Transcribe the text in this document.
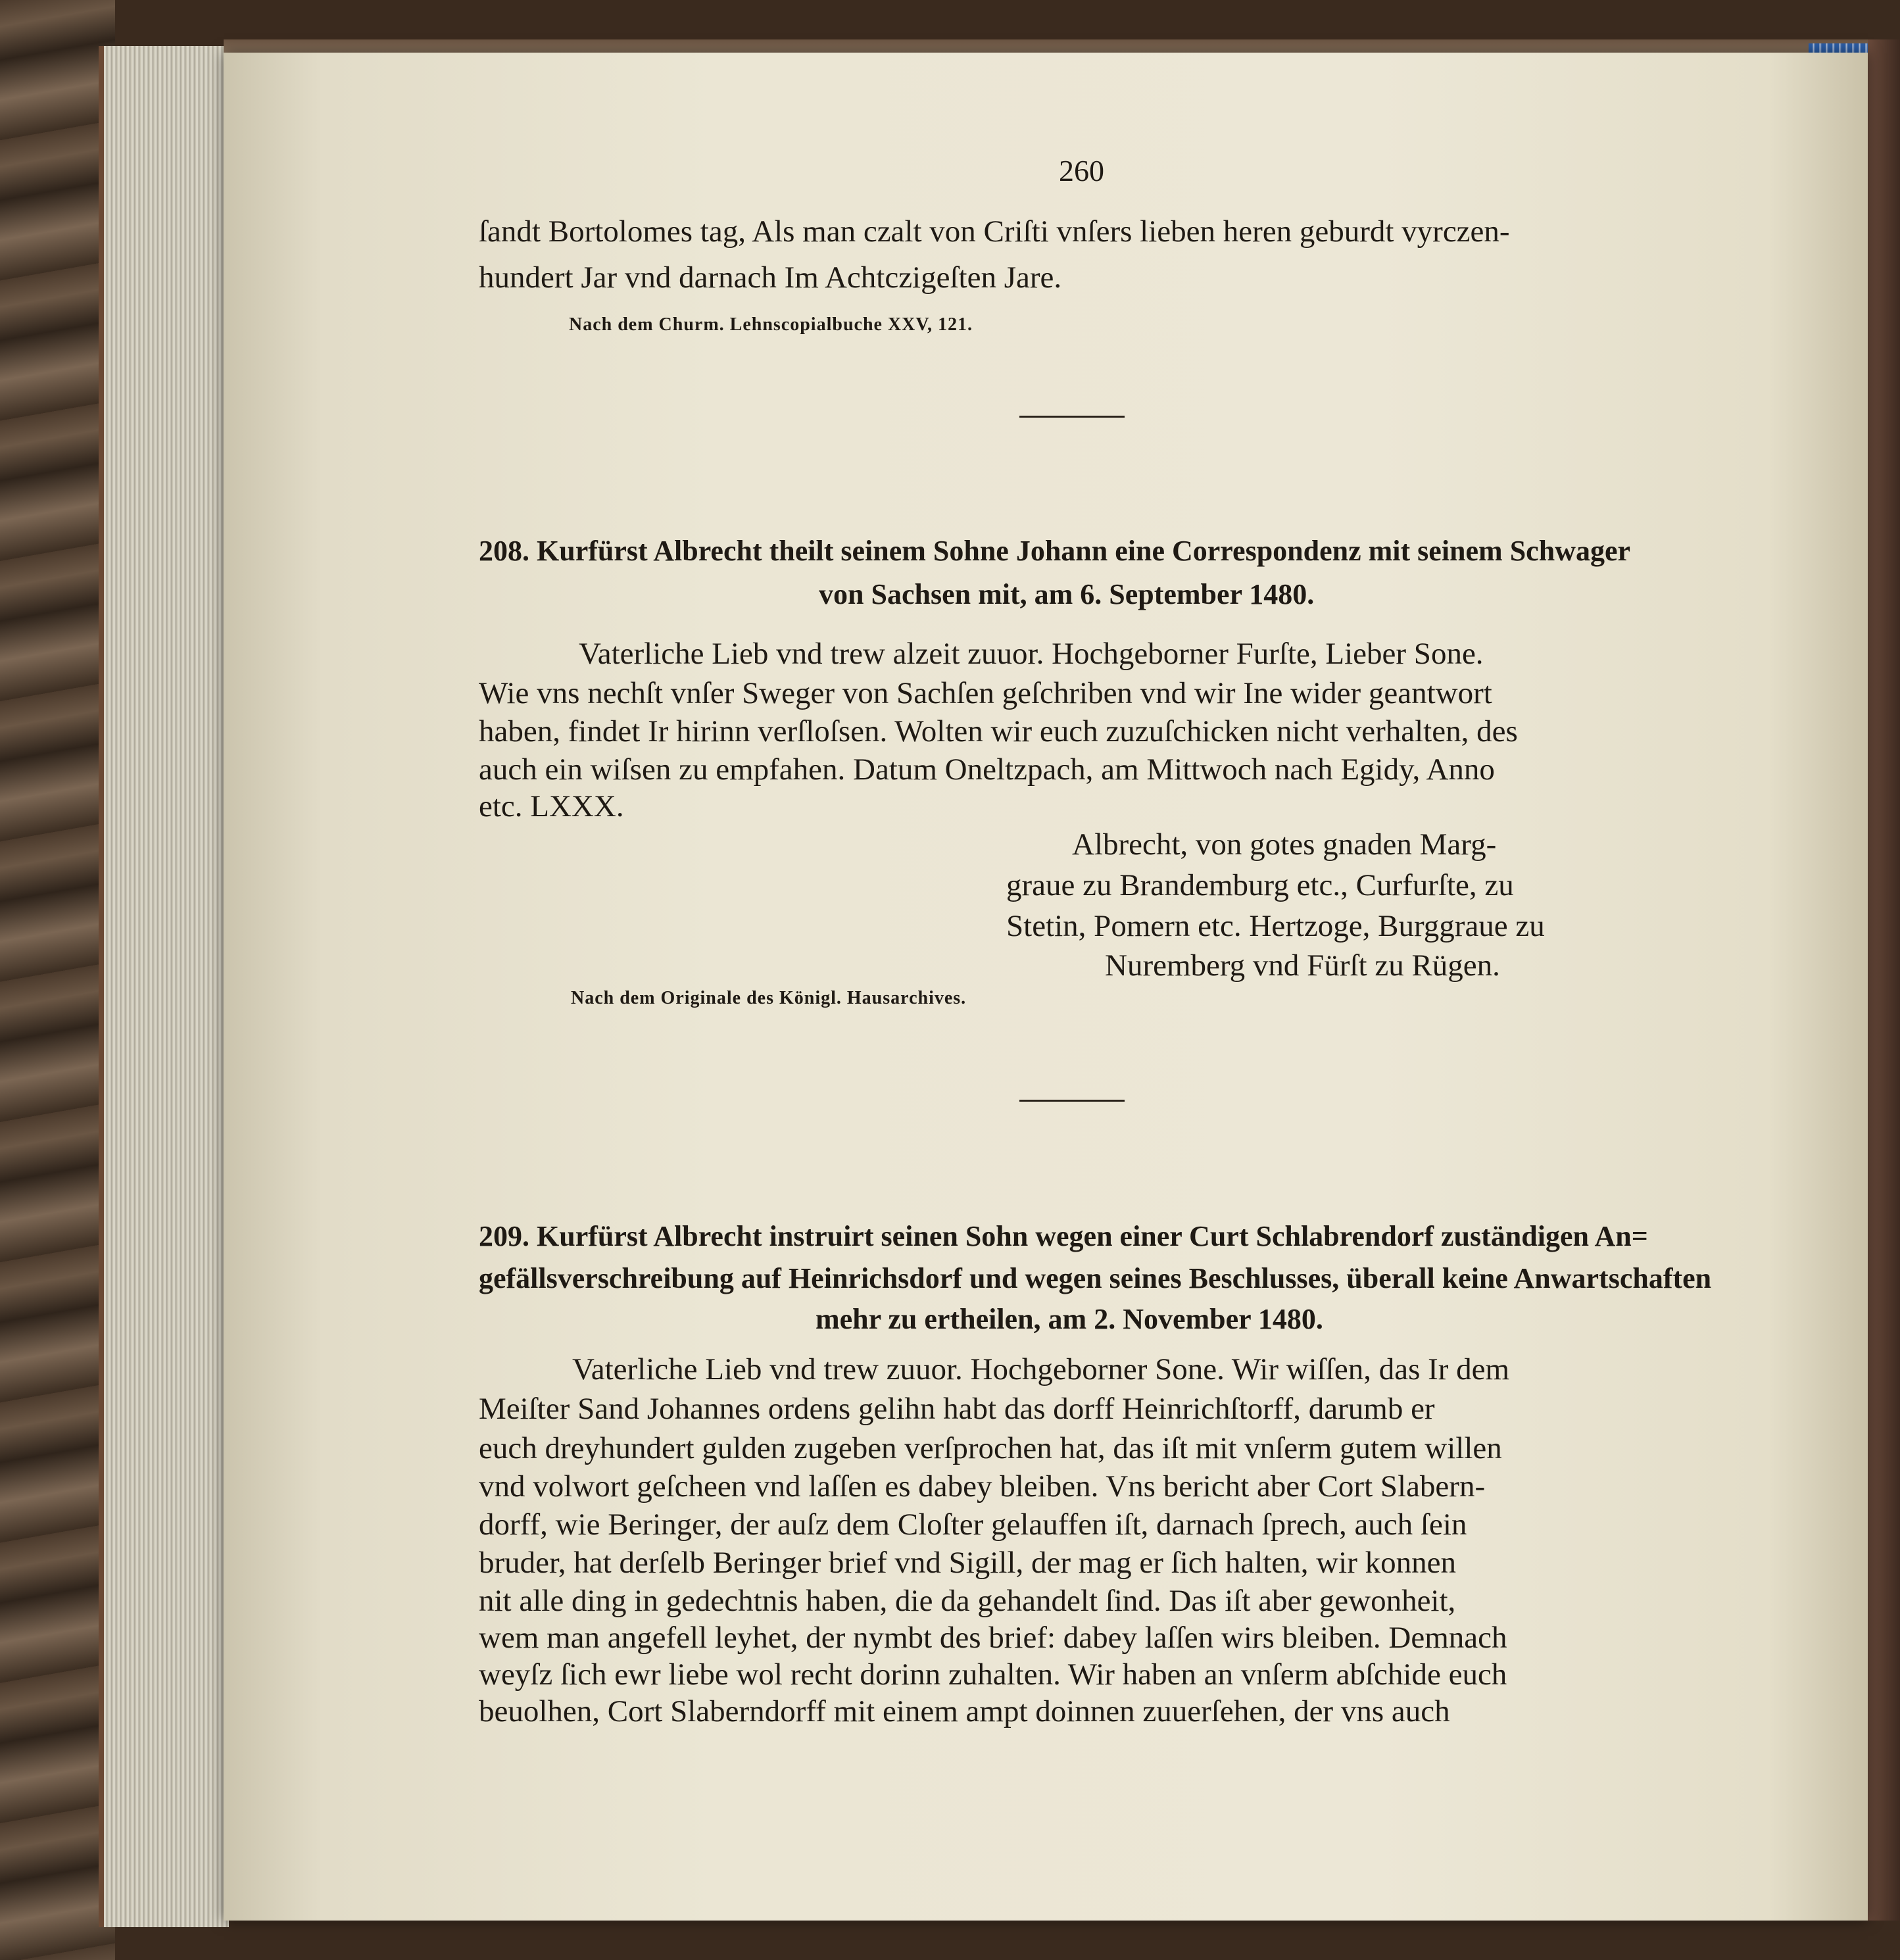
260
ſandt Bortolomes tag, Als man czalt von Criſti vnſers lieben heren geburdt vyrczen-
hundert Jar vnd darnach Im Achtczigeſten Jare.
Nach dem Churm. Lehnscopialbuche XXV, 121.
208. Kurfürst Albrecht theilt seinem Sohne Johann eine Correspondenz mit seinem Schwager
von Sachsen mit, am 6. September 1480.
Vaterliche Lieb vnd trew alzeit zuuor. Hochgeborner Furſte, Lieber Sone.
Wie vns nechſt vnſer Sweger von Sachſen geſchriben vnd wir Ine wider geantwort
haben, findet Ir hirinn verſloſsen. Wolten wir euch zuzuſchicken nicht verhalten, des
auch ein wiſsen zu empfahen. Datum Oneltzpach, am Mittwoch nach Egidy, Anno
etc. LXXX.
Albrecht, von gotes gnaden Marg-
graue zu Brandemburg etc., Curfurſte, zu
Stetin, Pomern etc. Hertzoge, Burggraue zu
Nuremberg vnd Fürſt zu Rügen.
Nach dem Originale des Königl. Hausarchives.
209. Kurfürst Albrecht instruirt seinen Sohn wegen einer Curt Schlabrendorf zuständigen An=
gefällsverschreibung auf Heinrichsdorf und wegen seines Beschlusses, überall keine Anwartschaften
mehr zu ertheilen, am 2. November 1480.
Vaterliche Lieb vnd trew zuuor. Hochgeborner Sone. Wir wiſſen, das Ir dem
Meiſter Sand Johannes ordens gelihn habt das dorff Heinrichſtorff, darumb er
euch dreyhundert gulden zugeben verſprochen hat, das iſt mit vnſerm gutem willen
vnd volwort geſcheen vnd laſſen es dabey bleiben. Vns bericht aber Cort Slabern-
dorff, wie Beringer, der auſz dem Cloſter gelauffen iſt, darnach ſprech, auch ſein
bruder, hat derſelb Beringer brief vnd Sigill, der mag er ſich halten, wir konnen
nit alle ding in gedechtnis haben, die da gehandelt ſind. Das iſt aber gewonheit,
wem man angefell leyhet, der nymbt des brief: dabey laſſen wirs bleiben. Demnach
weyſz ſich ewr liebe wol recht dorinn zuhalten. Wir haben an vnſerm abſchide euch
beuolhen, Cort Slaberndorff mit einem ampt doinnen zuuerſehen, der vns auch
